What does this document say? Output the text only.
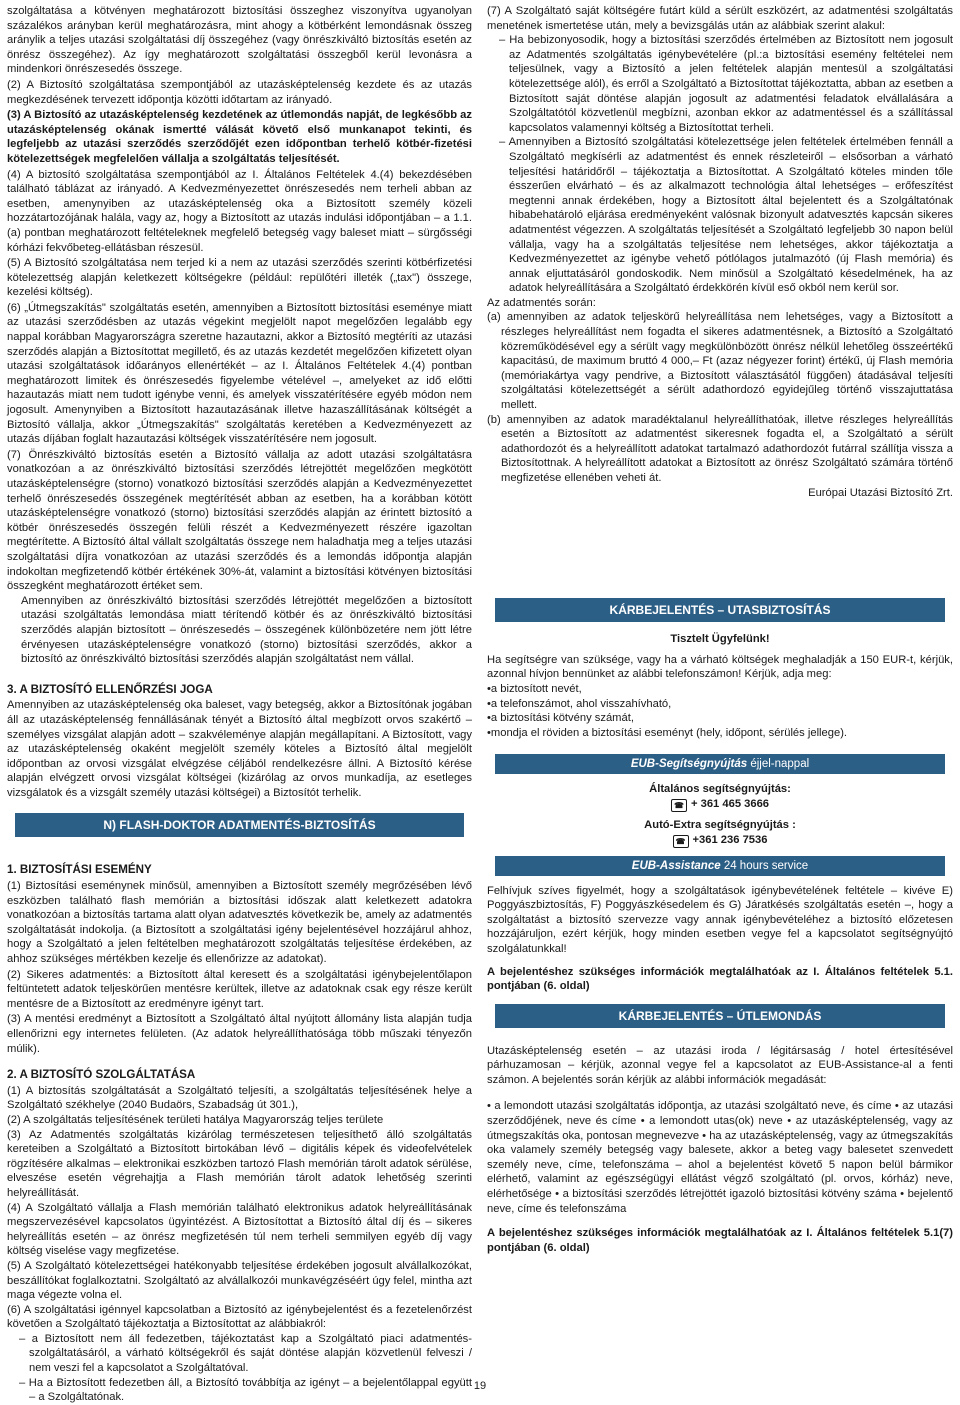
szolgáltatása a kötvényen meghatározott biztosítási összeghez viszonyítva ugyanolyan százalékos arányban kerül meghatározásra, mint ahogy a kötbérként lemondásnak összeg aránylik a teljes utazási szolgáltatási díj összegéhez (vagy önrészkiváltó biztosítás esetén az önrész összegéhez). Az így meghatározott szolgáltatási összegből kerül levonásra a mindenkori önrészesedés összege.

(2) A Biztosító szolgáltatása szempontjából az utazásképtelenség kezdete és az utazás megkezdésének tervezett időpontja közötti időtartam az irányadó.

(3) A Biztosító az utazásképtelenség kezdetének az útlemondás napját, de legkésőbb az utazásképtelenség okának ismertté válását követő első munkanapot tekinti, és legfeljebb az utazási szerződés szerződőjét ezen időpontban terhelő kötbér-fizetési kötelezettségek megfelelően vállalja a szolgáltatás teljesítését.

(4) A biztosító szolgáltatása szempontjából az I. Általános Feltételek 4.(4) bekezdésében található táblázat az irányadó. A Kedvezményezettet önrészesedés nem terheli abban az esetben, amenynyiben az utazásképtelenség oka a Biztosított személy közeli hozzátartozójának halála, vagy az, hogy a Biztosított az utazás indulási időpontjában – a 1.1.(a) pontban meghatározott feltételeknek megfelelő betegség vagy baleset miatt – sürgősségi kórházi fekvőbeteg-ellátásban részesül.

(5) A Biztosító szolgáltatása nem terjed ki a nem az utazási szerződés szerinti kötbérfizetési kötelezettség alapján keletkezett költségekre (például: repülőtéri illeték („tax") összege, kezelési költség).

(6) „Útmegszakítás" szolgáltatás esetén, amennyiben a Biztosított biztosítási eseménye miatt az utazási szerződésben az utazás végekint megjelölt napot megelőzően legalább egy nappal korábban Magyarországra szeretne hazautazni, akkor a Biztosító megtéríti az utazási szerződés alapján a Biztosítottat megillető, és az utazás kezdetét megelőzően kifizetett olyan utazási szolgáltatások időarányos ellenértékét – az I. Általános Feltételek 4.(4) pontban meghatározott limitek és önrészesedés figyelembe vételével –, amelyeket az idő előtti hazautazás miatt nem tudott igénybe venni, és amelyek visszatérítésére egyéb módon nem jogosult. Amenynyiben a Biztosított hazautazásának illetve hazaszállításának költségét a Biztosító vállalja, akkor „Útmegszakítás" szolgáltatás keretében a Kedvezményezett az utazás díjában foglalt hazautazási költségek visszatérítésére nem jogosult.

(7) Önrészkiváltó biztosítás esetén a Biztosító vállalja az adott utazási szolgáltatásra vonatkozóan a az önrészkiváltó biztosítási szerződés létrejöttét megelőzően megkötött utazásképtelenségre (storno) vonatkozó biztosítási szerződés alapján a Kedvezményezettet terhelő önrészesedés összegének megtérítését abban az esetben, ha a korábban kötött utazásképtelenségre vonatkozó (storno) biztosítási szerződés alapján az érintett biztosító a kötbér önrészesedés összegén felüli részét a Kedvezményezett részére igazoltan megtérítette. A Biztosító által vállalt szolgáltatás összege nem haladhatja meg a teljes utazási szolgáltatási díjra vonatkozóan az utazási szerződés és a lemondás időpontja alapján indokoltan megfizetendő kötbér értékének 30%-át, valamint a biztosítási kötvényen biztosítási összegként meghatározott értéket sem.

Amennyiben az önrészkiváltó biztosítási szerződés létrejöttét megelőzően a biztosított utazási szolgáltatás lemondása miatt térítendő kötbér és az önrészkiváltó biztosítási szerződés alapján biztosított – önrészesedés – összegének különbözetére nem jött létre érvényesen utazásképtelenségre vonatkozó (storno) biztosítási szerződés, akkor a biztosító az önrészkiváltó biztosítási szerződés alapján szolgáltatást nem vállal.

3. A BIZTOSÍTÓ ELLENŐRZÉSI JOGA

Amennyiben az utazásképtelenség oka baleset, vagy betegség, akkor a Biztosítónak jogában áll az utazásképtelenség fennállásának tényét a Biztosító által megbízott orvos szakértő – személyes vizsgálat alapján adott – szakvéleménye alapján megállapítani. A Biztosított, vagy az utazásképtelenség okaként megjelölt személy köteles a Biztosító által megjelölt időpontban az orvosi vizsgálat elvégzése céljából rendelkezésre állni. A Biztosító kérése alapján elvégzett orvosi vizsgálat költségei (kizárólag az orvos munkadíja, az esetleges vizsgálatok és a vizsgált személy utazási költségei) a Biztosítót terhelik.

N) FLASH-DOKTOR ADATMENTÉS-BIZTOSÍTÁS
1. BIZTOSÍTÁSI ESEMÉNY

(1) Biztosítási eseménynek minősül, amennyiben a Biztosított személy megrőzésében lévő eszközben található flash memórián a biztosítási időszak alatt keletkezett adatokra vonatkozóan a biztosítás tartama alatt olyan adatvesztés következik be, amely az adatmentés szolgáltatását indokolja. (a Biztosított a szolgáltatási igény bejelentésével hozzájárul ahhoz, hogy a Szolgáltató a jelen feltételben meghatározott szolgáltatás teljesítése érdekében, az ahhoz szükséges mértékben kezelje és ellenőrizze az adatokat).

(2) Sikeres adatmentés: a Biztosított által keresett és a szolgáltatási igénybejelentőlapon feltüntetett adatok teljeskörűen mentésre kerültek, illetve az adatoknak csak egy része került mentésre de a Biztosított az eredményre igényt tart.

(3) A mentési eredményt a Biztosított a Szolgáltató által nyújtott állomány lista alapján tudja ellenőrizni egy internetes felületen. (Az adatok helyreállíthatósága több műszaki tényezőn múlik).

2. A BIZTOSÍTÓ SZOLGÁLTATÁSA

(1) A biztosítás szolgáltatását a Szolgáltató teljesíti, a szolgáltatás teljesítésének helye a Szolgáltató székhelye (2040 Budaörs, Szabadság út 301.),

(2) A szolgáltatás teljesítésének területi hatálya Magyarország teljes területe

(3) Az Adatmentés szolgáltatás kizárólag természetesen teljesíthető álló szolgáltatás kereteiben a Szolgáltató a Biztosított birtokában lévő – digitális képek és videofelvételek rögzítésére alkalmas – elektronikai eszközben tartozó Flash memórián tárolt adatok sérülése, elveszése esetén végrehajtja a Flash memórián tárolt adatok lehetőség szerinti helyreállítását.

(4) A Szolgáltató vállalja a Flash memórián található elektronikus adatok helyreállításának megszervezésével kapcsolatos ügyintézést. A Biztosítottat a Biztosító által díj és – sikeres helyreállítás esetén – az önrész megfizetésén túl nem terheli semmilyen egyéb díj vagy költség viselése vagy megfizetése.

(5) A Szolgáltató kötelezettségei hatékonyabb teljesítése érdekében jogosult alvállalkozókat, beszállítókat foglalkoztatni. Szolgáltató az alvállalkozói munkavégzéséért úgy felel, mintha azt maga végezte volna el.

(6) A szolgáltatási igénnyel kapcsolatban a Biztosító az igénybejelentést és a fezetelenőrzést követően a Szolgáltató tájékoztatja a Biztosítottat az alábbiakról:

– a Biztosított nem áll fedezetben, tájékoztatást kap a Szolgáltató piaci adatmentés-szolgáltatásáról, a várható költségekről és saját döntése alapján közvetlenül felveszi / nem veszi fel a kapcsolatot a Szolgáltatóval.

– Ha a Biztosított fedezetben áll, a Biztosító továbbítja az igényt – a bejelentőlappal együtt – a Szolgáltatónak.

(7) A Szolgáltató saját költségére futárt küld a sérült eszközért, az adatmentési szolgáltatás menetének ismertetése után, mely a bevizsgálás után az alábbiak szerint alakul:

– Ha bebizonyosodik, hogy a biztosítási szerződés értelmében az Biztosított nem jogosult az Adatmentés szolgáltatás igénybevételére (pl.:a biztosítási esemény feltételei nem teljesülnek, vagy a Biztosító a jelen feltételek alapján mentesül a szolgáltatási kötelezettsége alól), és erről a Szolgáltató a Biztosítottat tájékoztatta, abban az esetben a Biztosított saját döntése alapján jogosult az adatmentési feladatok elvállalására a Szolgáltatótól közvetlenül megbízni, azonban ekkor az adatmentéssel és a szállítással kapcsolatos valamennyi költség a Biztosítottat terheli.

– Amennyiben a Biztosító szolgáltatási kötelezettsége jelen feltételek értelmében fennáll a Szolgáltató megkísérli az adatmentést és ennek részleteiről – elsősorban a várható teljesítési határidőről – tájékoztatja a Biztosítottat. A Szolgáltató köteles minden tőle ésszerűen elvárható – és az alkalmazott technológia által lehetséges – erőfeszítést megtenni annak érdekében, hogy a Biztosított által bejelentett és a Szolgáltatónak hibabehatároló eljárása eredményeként valósnak bizonyult adatvesztés kapcsán sikeres adatmentést végezzen. A szolgáltatás teljesítését a Szolgáltató legfeljebb 30 napon belül vállalja, vagy ha a szolgáltatás teljesítése nem lehetséges, akkor tájékoztatja a Kedvezményezettet az igénybe vehető pótlólagos jutalmazótó (új Flash memória) és annak eljuttatásáról gondoskodik. Nem minősül a Szolgáltató késedelmének, ha az adatok helyreállítására a Szolgáltató érdekkörén kívül eső okból nem kerül sor.

Az adatmentés során:

(a) amennyiben az adatok teljeskörű helyreállítása nem lehetséges, vagy a Biztosított a részleges helyreállítást nem fogadta el sikeres adatmentésnek, a Biztosító a Szolgáltató közreműködésével egy a sérült vagy megkülönbözött önrész nélkül lehetőleg összeértékű kapacitású, de maximum bruttó 4 000,– Ft (azaz négyezer forint) értékű, új Flash memória (memóriakártya vagy pendrive, a Biztosított választásától függően) átadásával teljesíti szolgáltatási kötelezettségét a sérült adathordozó egyidejűleg történő visszajuttatása mellett.

(b) amennyiben az adatok maradéktalanul helyreállíthatóak, illetve részleges helyreállítás esetén a Biztosított az adatmentést sikeresnek fogadta el, a Szolgáltató a sérült adathordozót és a helyreállított adatokat tartalmazó adathordozót futárral szállítja vissza a Biztosítottnak. A helyreállított adatokat a Biztosított az önrész Szolgáltató számára történő megfizetése ellenében veheti át.

Európai Utazási Biztosító Zrt.

KÁRBEJELENTÉS – UTASBIZTOSÍTÁS

Tisztelt Ügyfelünk!

Ha segítségre van szüksége, vagy ha a várható költségek meghaladják a 150 EUR-t, kérjük, azonnal hívjon bennünket az alábbi telefonszámon! Kérjük, adja meg:

• a biztosított nevét,
• a telefonszámot, ahol visszahívható,
• a biztosítási kötvény számát,
• mondja el röviden a biztosítási eseményt (hely, időpont, sérülés jellege).
EUB-Segítségnyújtás éjjel-nappal

Általános segítségnyújtás:

☎ + 361 465 3666

Autó-Extra segítségnyújtás :

☎ +361 236 7536

EUB-Assistance 24 hours service

Felhívjuk szíves figyelmét, hogy a szolgáltatások igénybevételének feltétele – kivéve E) Poggyászbiztosítás, F) Poggyászkésedelem és G) Járatkésés szolgáltatás esetén –, hogy a szolgáltatást a biztosító szervezze vagy annak igénybevételéhez a biztosító előzetesen hozzájáruljon, ezért kérjük, hogy minden esetben vegye fel a kapcsolatot segítségnyújtó szolgálatunkkal!

A bejelentéshez szükséges információk megtalálhatóak az I. Általános feltételek 5.1. pontjában (6. oldal)

KÁRBEJELENTÉS – ÚTLEMONDÁS

Utazásképtelenség esetén – az utazási iroda / légitársaság / hotel értesítésével párhuzamosan – kérjük, azonnal vegye fel a kapcsolatot az EUB-Assistance-al a fenti számon. A bejelentés során kérjük az alábbi információk megadását:

• a lemondott utazási szolgáltatás időpontja, az utazási szolgáltató neve, és címe • az utazási szerződőjének, neve és címe • a lemondott utas(ok) neve • az utazásképtelenség, vagy az útmegszakítás oka, pontosan megnevezve • ha az utazásképtelenség, vagy az útmegszakítás oka valamely személy betegség vagy balesete, akkor a beteg vagy balesetet szenvedett személy neve, címe, telefonszáma – ahol a bejelentést követő 5 napon belül bármikor elérhető, valamint az egészségügyi ellátást végző szolgáltató (pl. orvos, kórház) neve, elérhetősége • a biztosítási szerződés létrejöttét igazoló biztosítási kötvény száma • bejelentő neve, címe és telefonszáma

A bejelentéshez szükséges információk megtalálhatóak az I. Általános feltételek 5.1(7) pontjában (6. oldal)

19
